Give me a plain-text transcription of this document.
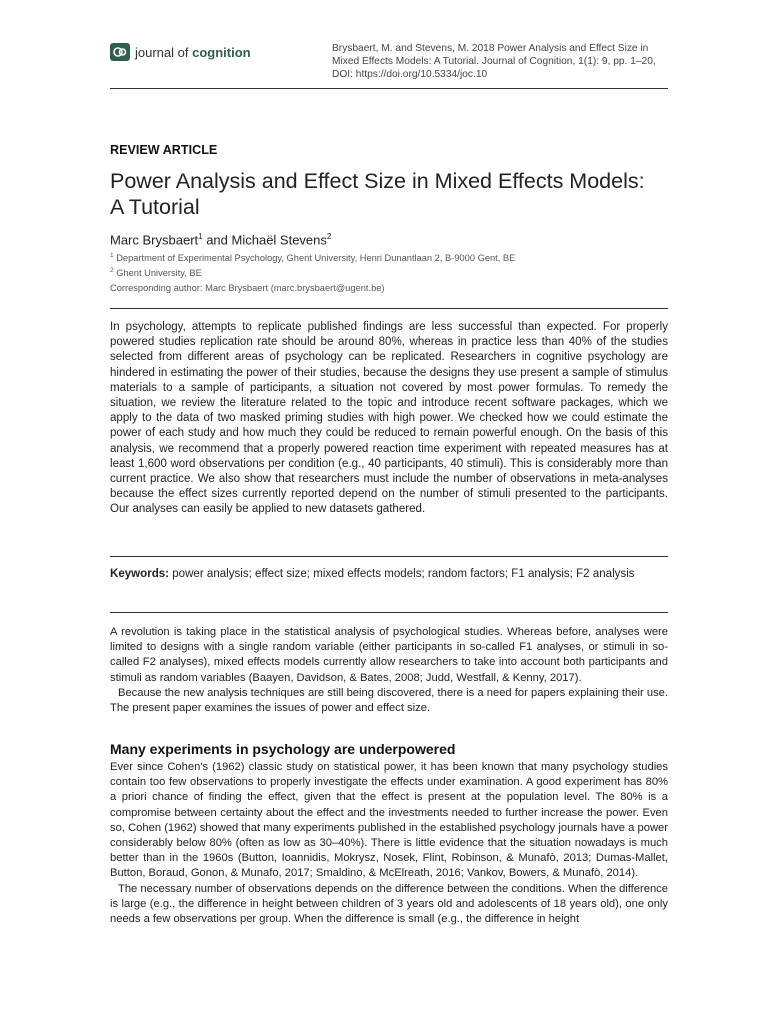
journal of cognition	Brysbaert, M. and Stevens, M. 2018 Power Analysis and Effect Size in Mixed Effects Models: A Tutorial. Journal of Cognition, 1(1): 9, pp. 1–20, DOI: https://doi.org/10.5334/joc.10
REVIEW ARTICLE
Power Analysis and Effect Size in Mixed Effects Models: A Tutorial
Marc Brysbaert$^1$ and Michaël Stevens$^2$
$^1$ Department of Experimental Psychology, Ghent University, Henri Dunantlaan 2, B-9000 Gent, BE
$^2$ Ghent University, BE
Corresponding author: Marc Brysbaert (marc.brysbaert@ugent.be)

In psychology, attempts to replicate published findings are less successful than expected. For properly powered studies replication rate should be around 80%, whereas in practice less than 40% of the studies selected from different areas of psychology can be replicated. Researchers in cognitive psychology are hindered in estimating the power of their studies, because the designs they use present a sample of stimulus materials to a sample of participants, a situation not covered by most power formulas. To remedy the situation, we review the literature related to the topic and introduce recent software packages, which we apply to the data of two masked priming studies with high power. We checked how we could estimate the power of each study and how much they could be reduced to remain powerful enough. On the basis of this analysis, we recommend that a properly powered reaction time experiment with repeated measures has at least 1,600 word observations per condition (e.g., 40 participants, 40 stimuli). This is considerably more than current practice. We also show that researchers must include the number of observations in meta-analyses because the effect sizes currently reported depend on the number of stimuli presented to the participants. Our analyses can easily be applied to new datasets gathered.

Keywords: power analysis; effect size; mixed effects models; random factors; F1 analysis; F2 analysis

A revolution is taking place in the statistical analysis of psychological studies. Whereas before, analyses were limited to designs with a single random variable (either participants in so-called F1 analyses, or stimuli in so-called F2 analyses), mixed effects models currently allow researchers to take into account both participants and stimuli as random variables (Baayen, Davidson, & Bates, 2008; Judd, Westfall, & Kenny, 2017).

Because the new analysis techniques are still being discovered, there is a need for papers explaining their use. The present paper examines the issues of power and effect size.

Many experiments in psychology are underpowered

Ever since Cohen's (1962) classic study on statistical power, it has been known that many psychology studies contain too few observations to properly investigate the effects under examination. A good experiment has 80% a priori chance of finding the effect, given that the effect is present at the population level. The 80% is a compromise between certainty about the effect and the investments needed to further increase the power. Even so, Cohen (1962) showed that many experiments published in the established psychology journals have a power considerably below 80% (often as low as 30–40%). There is little evidence that the situation nowadays is much better than in the 1960s (Button, Ioannidis, Mokrysz, Nosek, Flint, Robinson, & Munafò, 2013; Dumas-Mallet, Button, Boraud, Gonon, & Munafo, 2017; Smaldino, & McElreath, 2016; Vankov, Bowers, & Munafò, 2014).

The necessary number of observations depends on the difference between the conditions. When the difference is large (e.g., the difference in height between children of 3 years old and adolescents of 18 years old), one only needs a few observations per group. When the difference is small (e.g., the difference in height
